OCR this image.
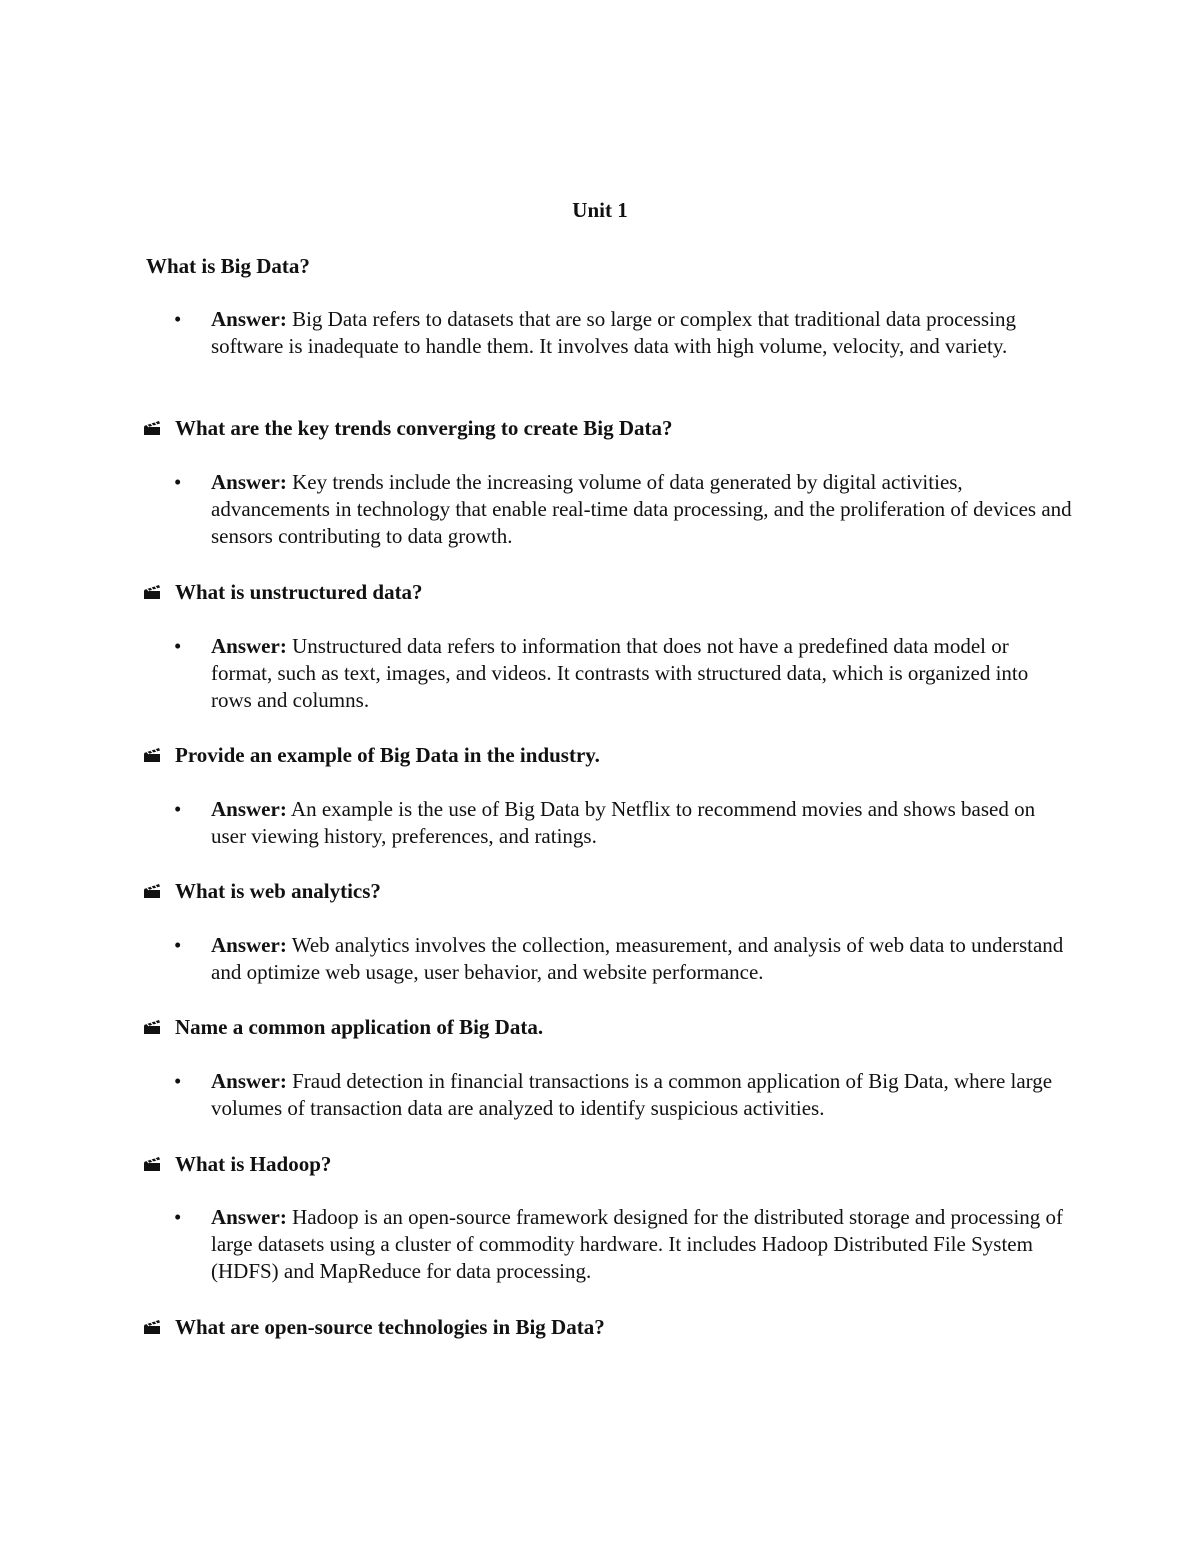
Unit 1
What is Big Data?
•	Answer: Big Data refers to datasets that are so large or complex that traditional data processing software is inadequate to handle them. It involves data with high volume, velocity, and variety.
What are the key trends converging to create Big Data?
•	Answer: Key trends include the increasing volume of data generated by digital activities, advancements in technology that enable real-time data processing, and the proliferation of devices and sensors contributing to data growth.
What is unstructured data?
•	Answer: Unstructured data refers to information that does not have a predefined data model or format, such as text, images, and videos. It contrasts with structured data, which is organized into rows and columns.
Provide an example of Big Data in the industry.
•	Answer: An example is the use of Big Data by Netflix to recommend movies and shows based on user viewing history, preferences, and ratings.
What is web analytics?
•	Answer: Web analytics involves the collection, measurement, and analysis of web data to understand and optimize web usage, user behavior, and website performance.
Name a common application of Big Data.
•	Answer: Fraud detection in financial transactions is a common application of Big Data, where large volumes of transaction data are analyzed to identify suspicious activities.
What is Hadoop?
•	Answer: Hadoop is an open-source framework designed for the distributed storage and processing of large datasets using a cluster of commodity hardware. It includes Hadoop Distributed File System (HDFS) and MapReduce for data processing.
What are open-source technologies in Big Data?
